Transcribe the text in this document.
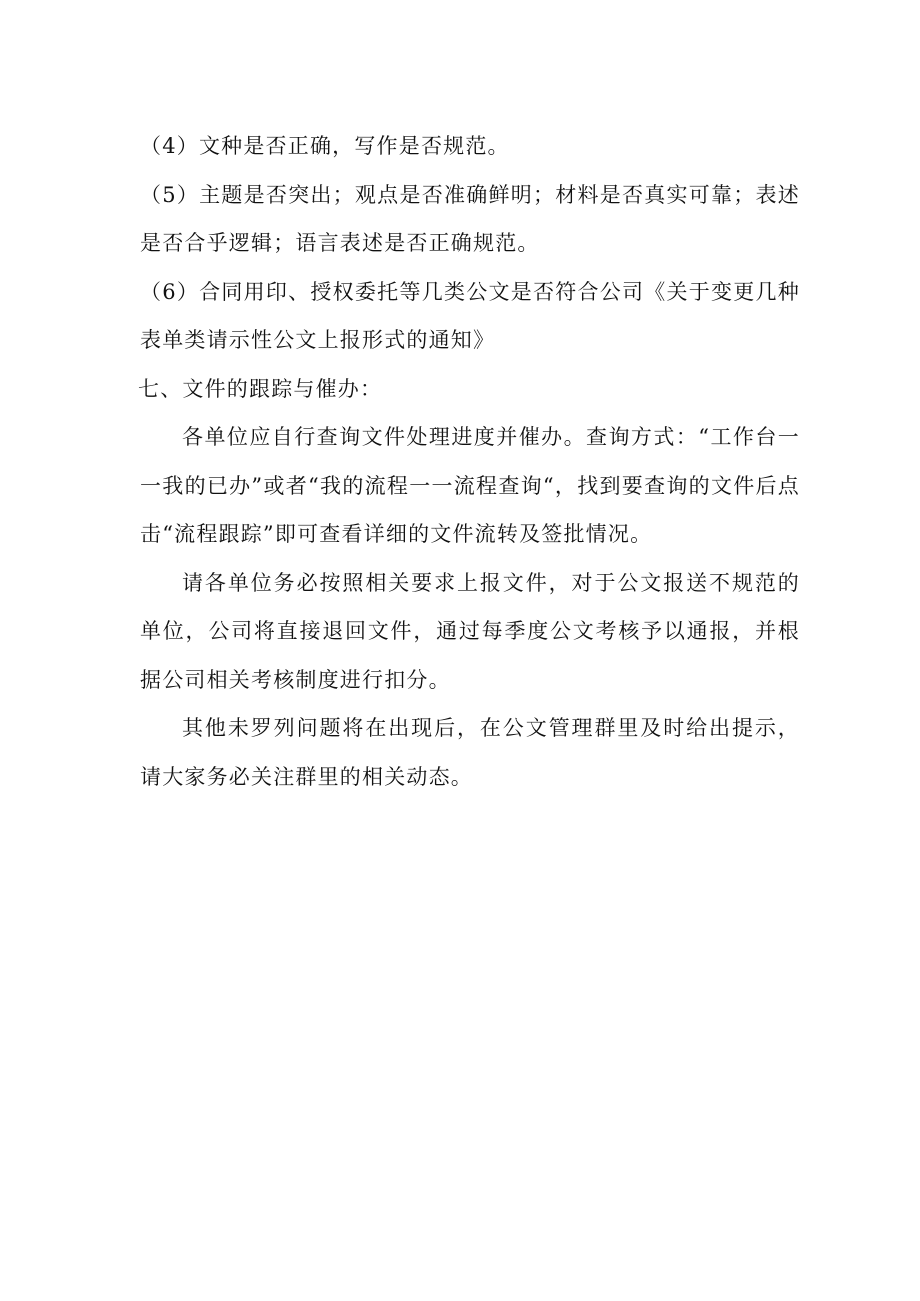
（4）文种是否正确，写作是否规范。

（5）主题是否突出；观点是否准确鲜明；材料是否真实可靠；表述是否合乎逻辑；语言表述是否正确规范。

（6）合同用印、授权委托等几类公文是否符合公司《关于变更几种表单类请示性公文上报形式的通知》

七、文件的跟踪与催办：

各单位应自行查询文件处理进度并催办。查询方式：“工作台一一我的已办”或者“我的流程一一流程查询“，找到要查询的文件后点击“流程跟踪”即可查看详细的文件流转及签批情况。

请各单位务必按照相关要求上报文件，对于公文报送不规范的单位，公司将直接退回文件，通过每季度公文考核予以通报，并根据公司相关考核制度进行扣分。

其他未罗列问题将在出现后，在公文管理群里及时给出提示，请大家务必关注群里的相关动态。
